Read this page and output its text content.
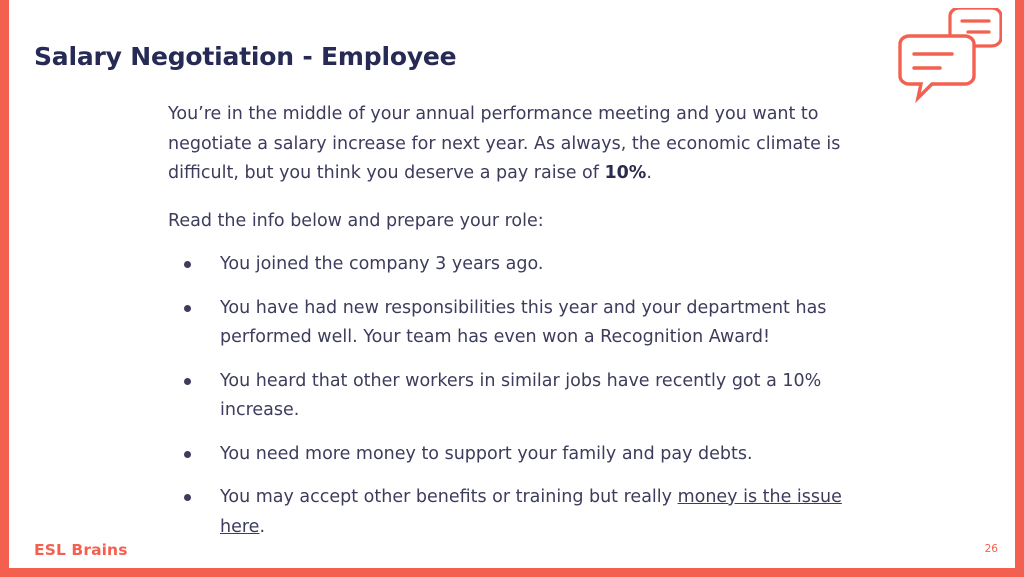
Salary Negotiation - Employee

You’re in the middle of your annual performance meeting and you want to negotiate a salary increase for next year. As always, the economic climate is difficult, but you think you deserve a pay raise of 10%.

Read the info below and prepare your role:

You joined the company 3 years ago.
You have had new responsibilities this year and your department has performed well. Your team has even won a Recognition Award!
You heard that other workers in similar jobs have recently got a 10% increase.
You need more money to support your family and pay debts.
You may accept other benefits or training but really money is the issue here.
ESL Brains	26
